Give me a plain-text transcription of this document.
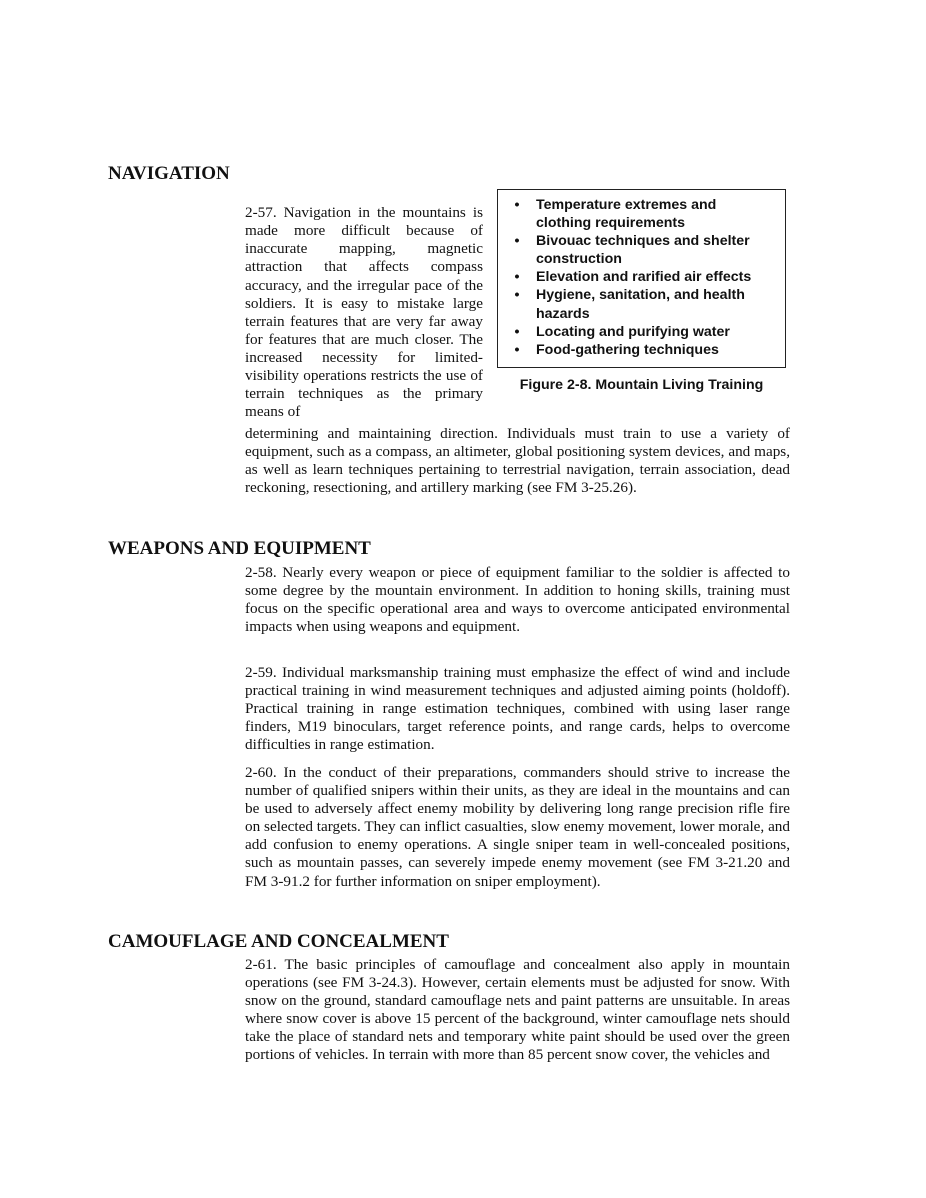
NAVIGATION

2-57. Navigation in the mountains is made more difficult because of inaccurate mapping, magnetic attraction that affects compass accuracy, and the irregular pace of the soldiers. It is easy to mistake large terrain features that are very far away for features that are much closer. The increased necessity for limited-visibility operations restricts the use of terrain techniques as the primary means of

•	Temperature extremes and clothing requirements
•	Bivouac techniques and shelter construction
•	Elevation and rarified air effects
•	Hygiene, sanitation, and health hazards
•	Locating and purifying water
•	Food-gathering techniques

Figure 2-8. Mountain Living Training

determining and maintaining direction. Individuals must train to use a variety of equipment, such as a compass, an altimeter, global positioning system devices, and maps, as well as learn techniques pertaining to terrestrial navigation, terrain association, dead reckoning, resectioning, and artillery marking (see FM 3-25.26).

WEAPONS AND EQUIPMENT

2-58. Nearly every weapon or piece of equipment familiar to the soldier is affected to some degree by the mountain environment. In addition to honing skills, training must focus on the specific operational area and ways to overcome anticipated environmental impacts when using weapons and equipment.

2-59. Individual marksmanship training must emphasize the effect of wind and include practical training in wind measurement techniques and adjusted aiming points (holdoff). Practical training in range estimation techniques, combined with using laser range finders, M19 binoculars, target reference points, and range cards, helps to overcome difficulties in range estimation.

2-60. In the conduct of their preparations, commanders should strive to increase the number of qualified snipers within their units, as they are ideal in the mountains and can be used to adversely affect enemy mobility by delivering long range precision rifle fire on selected targets. They can inflict casualties, slow enemy movement, lower morale, and add confusion to enemy operations. A single sniper team in well-concealed positions, such as mountain passes, can severely impede enemy movement (see FM 3-21.20 and FM 3-91.2 for further information on sniper employment).

CAMOUFLAGE AND CONCEALMENT

2-61. The basic principles of camouflage and concealment also apply in mountain operations (see FM 3-24.3). However, certain elements must be adjusted for snow. With snow on the ground, standard camouflage nets and paint patterns are unsuitable. In areas where snow cover is above 15 percent of the background, winter camouflage nets should take the place of standard nets and temporary white paint should be used over the green portions of vehicles. In terrain with more than 85 percent snow cover, the vehicles and
